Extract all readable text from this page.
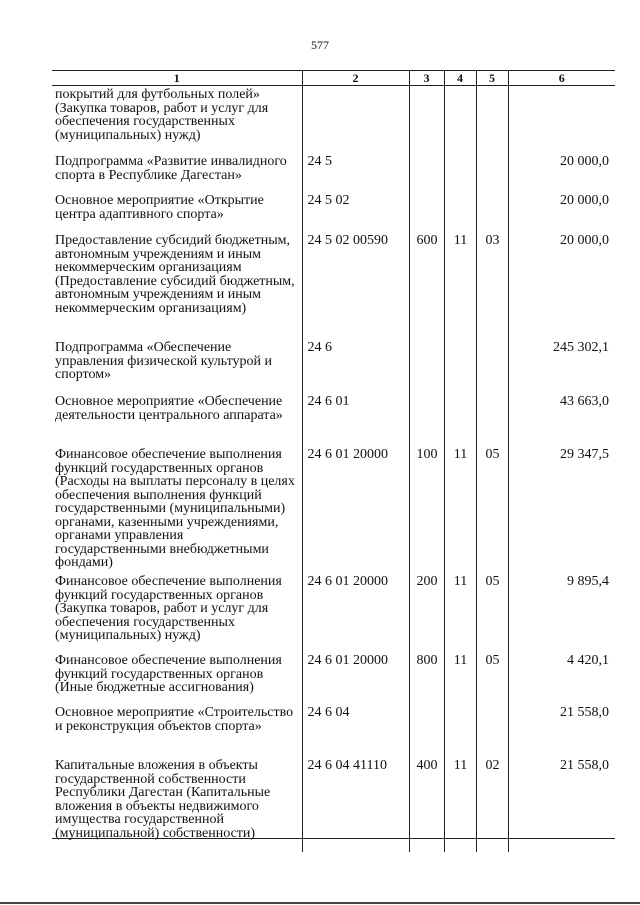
577
1	2	3	4	5	6
покрытий для футбольных полей» (Закупка товаров, работ и услуг для обеспечения государственных (муниципальных) нужд)					
Подпрограмма «Развитие инвалидного спорта в Республике Дагестан»	24 5				20 000,0
Основное мероприятие «Открытие центра адаптивного спорта»	24 5 02				20 000,0
Предоставление субсидий бюджетным, автономным учреждениям и иным некоммерческим организациям (Предоставление субсидий бюджетным, автономным учреждениям и иным некоммерческим организациям)	24 5 02 00590	600	11	03	20 000,0
Подпрограмма «Обеспечение управления физической культурой и спортом»	24 6				245 302,1
Основное мероприятие «Обеспечение деятельности центрального аппарата»	24 6 01				43 663,0
Финансовое обеспечение выполнения функций государственных органов (Расходы на выплаты персоналу в целях обеспечения выполнения функций государственными (муниципальными) органами, казенными учреждениями, органами управления государственными внебюджетными фондами)	24 6 01 20000	100	11	05	29 347,5
Финансовое обеспечение выполнения функций государственных органов (Закупка товаров, работ и услуг для обеспечения государственных (муниципальных) нужд)	24 6 01 20000	200	11	05	9 895,4
Финансовое обеспечение выполнения функций государственных органов (Иные бюджетные ассигнования)	24 6 01 20000	800	11	05	4 420,1
Основное мероприятие «Строительство и реконструкция объектов спорта»	24 6 04				21 558,0
Капитальные вложения в объекты государственной собственности Республики Дагестан (Капитальные вложения в объекты недвижимого имущества государственной (муниципальной) собственности)	24 6 04 41110	400	11	02	21 558,0
